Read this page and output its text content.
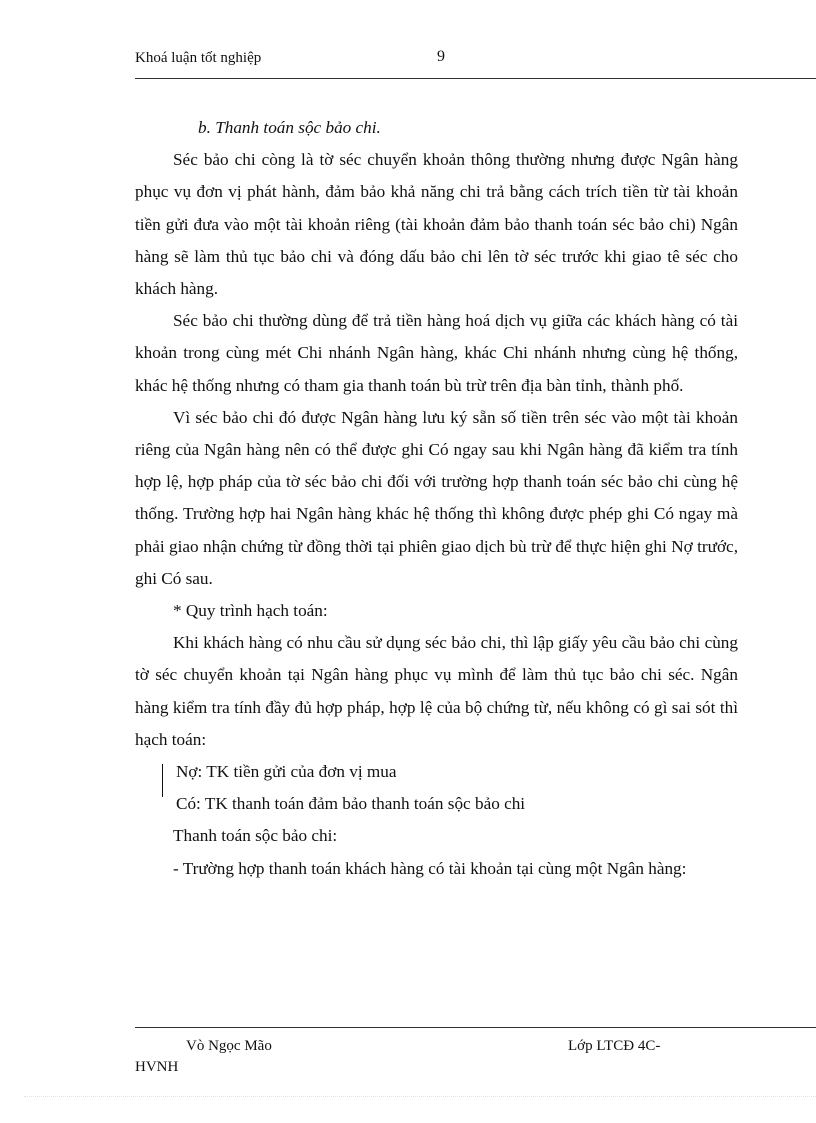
Khoá luận tốt nghiệp	9

b. Thanh toán sộc bảo chi.

Séc bảo chi còng là tờ séc chuyển khoản thông thường nhưng được Ngân hàng phục vụ đơn vị phát hành, đảm bảo khả năng chi trả bằng cách trích tiền từ tài khoản tiền gửi đưa vào một tài khoản riêng (tài khoản đảm bảo thanh toán séc bảo chi) Ngân hàng sẽ làm thủ tục bảo chi và đóng dấu bảo chi lên tờ séc trước khi giao tê séc cho khách hàng.

Séc bảo chi thường dùng để trả tiền hàng hoá dịch vụ giữa các khách hàng có tài khoản trong cùng mét Chi nhánh Ngân hàng, khác Chi nhánh nhưng cùng hệ thống, khác hệ thống nhưng có tham gia thanh toán bù trừ trên địa bàn tỉnh, thành phố.

Vì séc bảo chi đó được Ngân hàng lưu ký sẵn số tiền trên séc vào một tài khoản riêng của Ngân hàng nên có thể được ghi Có ngay sau khi Ngân hàng đã kiểm tra tính hợp lệ, hợp pháp của tờ séc bảo chi đối với trường hợp thanh toán séc bảo chi cùng hệ thống. Trường hợp hai Ngân hàng khác hệ thống thì không được phép ghi Có ngay mà phải giao nhận chứng từ đồng thời tại phiên giao dịch bù trừ để thực hiện ghi Nợ trước, ghi Có sau.

* Quy trình hạch toán:

Khi khách hàng có nhu cầu sử dụng séc bảo chi, thì lập giấy yêu cầu bảo chi cùng tờ séc chuyển khoản tại Ngân hàng phục vụ mình để làm thủ tục bảo chi séc. Ngân hàng kiểm tra tính đầy đủ hợp pháp, hợp lệ của bộ chứng từ, nếu không có gì sai sót thì hạch toán:

Nợ: TK tiền gửi của đơn vị mua

Có: TK thanh toán đảm bảo thanh toán sộc bảo chi

Thanh toán sộc bảo chi:

- Trường hợp thanh toán khách hàng có tài khoản tại cùng một Ngân hàng:

Vò Ngọc Mão	Lớp LTCĐ 4C-
HVNH
